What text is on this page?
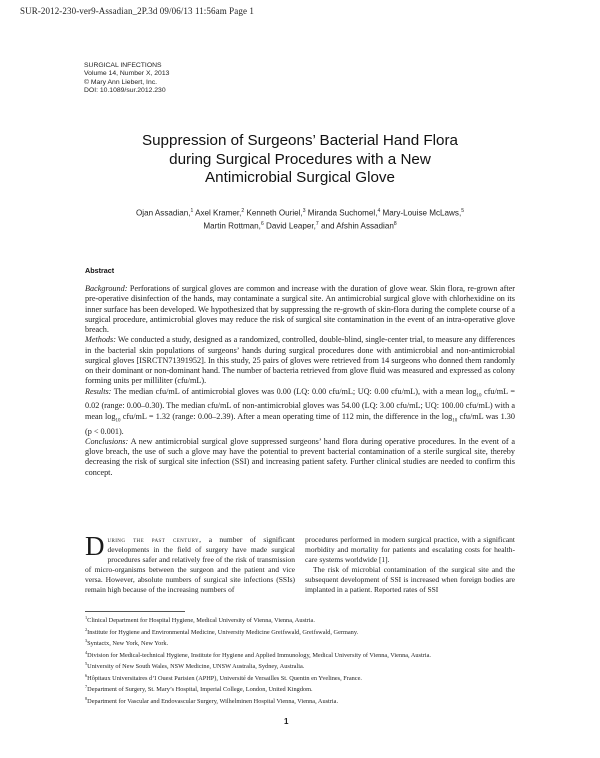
SUR-2012-230-ver9-Assadian_2P.3d 09/06/13 11:56am Page 1
SURGICAL INFECTIONS
Volume 14, Number X, 2013
© Mary Ann Liebert, Inc.
DOI: 10.1089/sur.2012.230
Suppression of Surgeons’ Bacterial Hand Flora
during Surgical Procedures with a New
Antimicrobial Surgical Glove
Ojan Assadian,$^1$ Axel Kramer,$^2$ Kenneth Ouriel,$^3$ Miranda Suchomel,$^4$ Mary-Louise McLaws,$^5$
Martin Rottman,$^6$ David Leaper,$^7$ and Afshin Assadian$^8$
Abstract

Background: Perforations of surgical gloves are common and increase with the duration of glove wear. Skin flora, re-grown after pre-operative disinfection of the hands, may contaminate a surgical site. An antimicrobial surgical glove with chlorhexidine on its inner surface has been developed. We hypothesized that by suppressing the re-growth of skin-flora during the complete course of a surgical procedure, antimicrobial gloves may reduce the risk of surgical site contamination in the event of an intra-operative glove breach.

Methods: We conducted a study, designed as a randomized, controlled, double-blind, single-center trial, to measure any differences in the bacterial skin populations of surgeons’ hands during surgical procedures done with antimicrobial and non-antimicrobial surgical gloves [ISRCTN71391952]. In this study, 25 pairs of gloves were retrieved from 14 surgeons who donned them randomly on their dominant or non-dominant hand. The number of bacteria retrieved from glove fluid was measured and expressed as colony forming units per milliliter (cfu/mL).

Results: The median cfu/mL of antimicrobial gloves was 0.00 (LQ: 0.00 cfu/mL; UQ: 0.00 cfu/mL), with a mean $\log_{10} cfu/mL = 0.02$ (range: 0.00–0.30). The median cfu/mL of non-antimicrobial gloves was 54.00 (LQ: 3.00 cfu/mL; UQ: 100.00 cfu/mL) with a mean $\log_{10} cfu/mL = 1.32$ (range: 0.00–2.39). After a mean operating time of 112 min, the difference in the $\log_{10} cfu/mL$ was 1.30 (p < 0.001).

Conclusions: A new antimicrobial surgical glove suppressed surgeons’ hand flora during operative procedures. In the event of a glove breach, the use of such a glove may have the potential to prevent bacterial contamination of a sterile surgical site, thereby decreasing the risk of surgical site infection (SSI) and increasing patient safety. Further clinical studies are needed to confirm this concept.

During the past century, a number of significant developments in the field of surgery have made surgical procedures safer and relatively free of the risk of transmission of micro-organisms between the surgeon and the patient and vice versa. However, absolute numbers of surgical site infections (SSIs) remain high because of the increasing numbers of

procedures performed in modern surgical practice, with a significant morbidity and mortality for patients and escalating costs for health-care systems worldwide [1].

The risk of microbial contamination of the surgical site and the subsequent development of SSI is increased when foreign bodies are implanted in a patient. Reported rates of SSI

$^1$Clinical Department for Hospital Hygiene, Medical University of Vienna, Vienna, Austria.
$^2$Institute for Hygiene and Environmental Medicine, University Medicine Greifswald, Greifswald, Germany.
$^3$Syntactx, New York, New York.
$^4$Division for Medical-technical Hygiene, Institute for Hygiene and Applied Immunology, Medical University of Vienna, Vienna, Austria.
$^5$University of New South Wales, NSW Medicine, UNSW Australia, Sydney, Australia.
$^6$Hôpitaux Universitaires d’I Ouest Parisien (APHP), Université de Versailles St. Quentin en Yvelines, France.
$^7$Department of Surgery, St. Mary’s Hospital, Imperial College, London, United Kingdom.
$^8$Department for Vascular and Endovascular Surgery, Wilhelminen Hospital Vienna, Vienna, Austria.
1
